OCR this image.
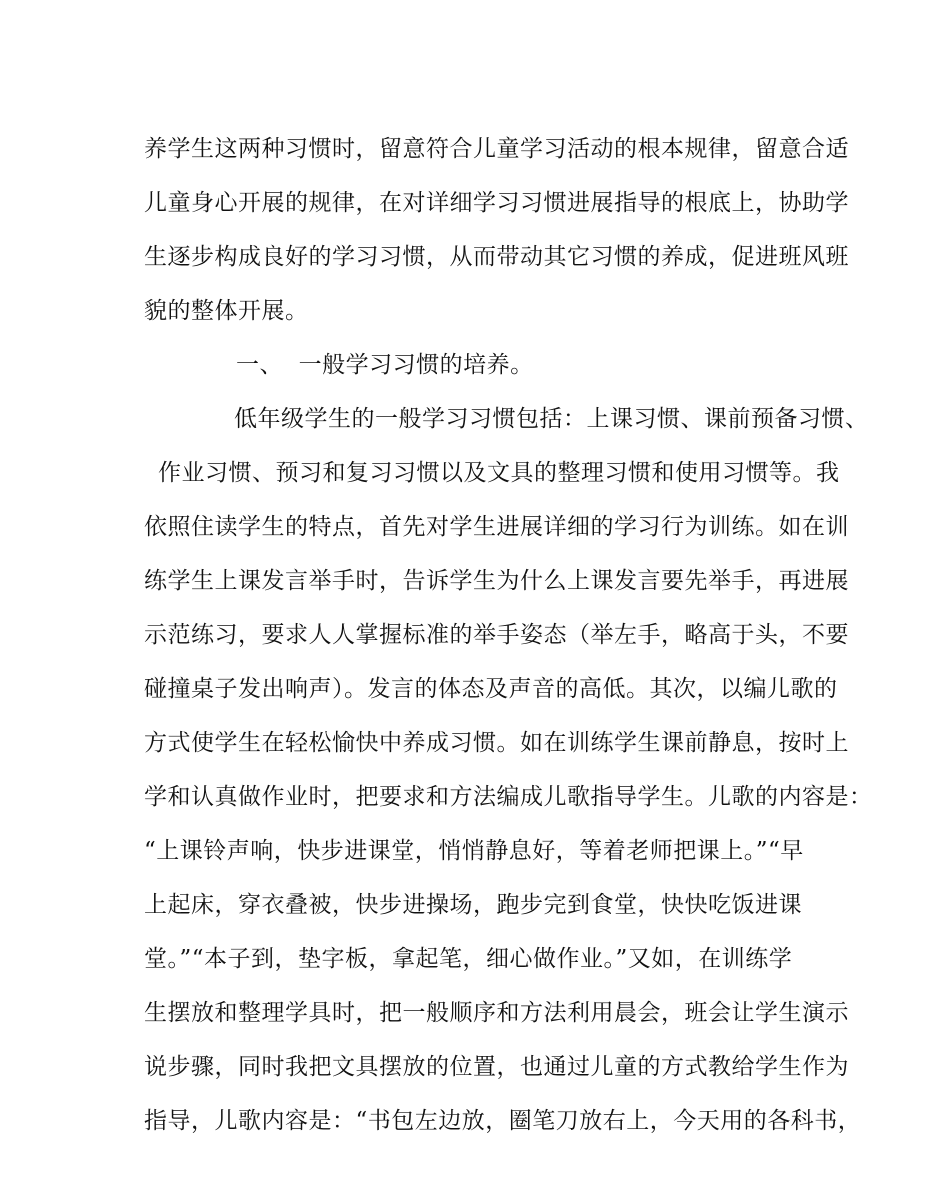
养学生这两种习惯时，留意符合儿童学习活动的根本规律，留意合适
儿童身心开展的规律，在对详细学习习惯进展指导的根底上，协助学
生逐步构成良好的学习习惯，从而带动其它习惯的养成，促进班风班
貌的整体开展。
一、  一般学习习惯的培养。
低年级学生的一般学习习惯包括：上课习惯、课前预备习惯、
作业习惯、预习和复习习惯以及文具的整理习惯和使用习惯等。我
依照住读学生的特点，首先对学生进展详细的学习行为训练。如在训
练学生上课发言举手时，告诉学生为什么上课发言要先举手，再进展
示范练习，要求人人掌握标准的举手姿态（举左手，略高于头，不要
碰撞桌子发出响声）。发言的体态及声音的高低。其次，以编儿歌的
方式使学生在轻松愉快中养成习惯。如在训练学生课前静息，按时上
学和认真做作业时，把要求和方法编成儿歌指导学生。儿歌的内容是：
“上课铃声响，快步进课堂，悄悄静息好，等着老师把课上。”“早
上起床，穿衣叠被，快步进操场，跑步完到食堂，快快吃饭进课
堂。”“本子到，垫字板，拿起笔，细心做作业。”又如，在训练学
生摆放和整理学具时，把一般顺序和方法利用晨会，班会让学生演示
说步骤，同时我把文具摆放的位置，也通过儿童的方式教给学生作为
指导，儿歌内容是：“书包左边放，圈笔刀放右上，今天用的各科书，
